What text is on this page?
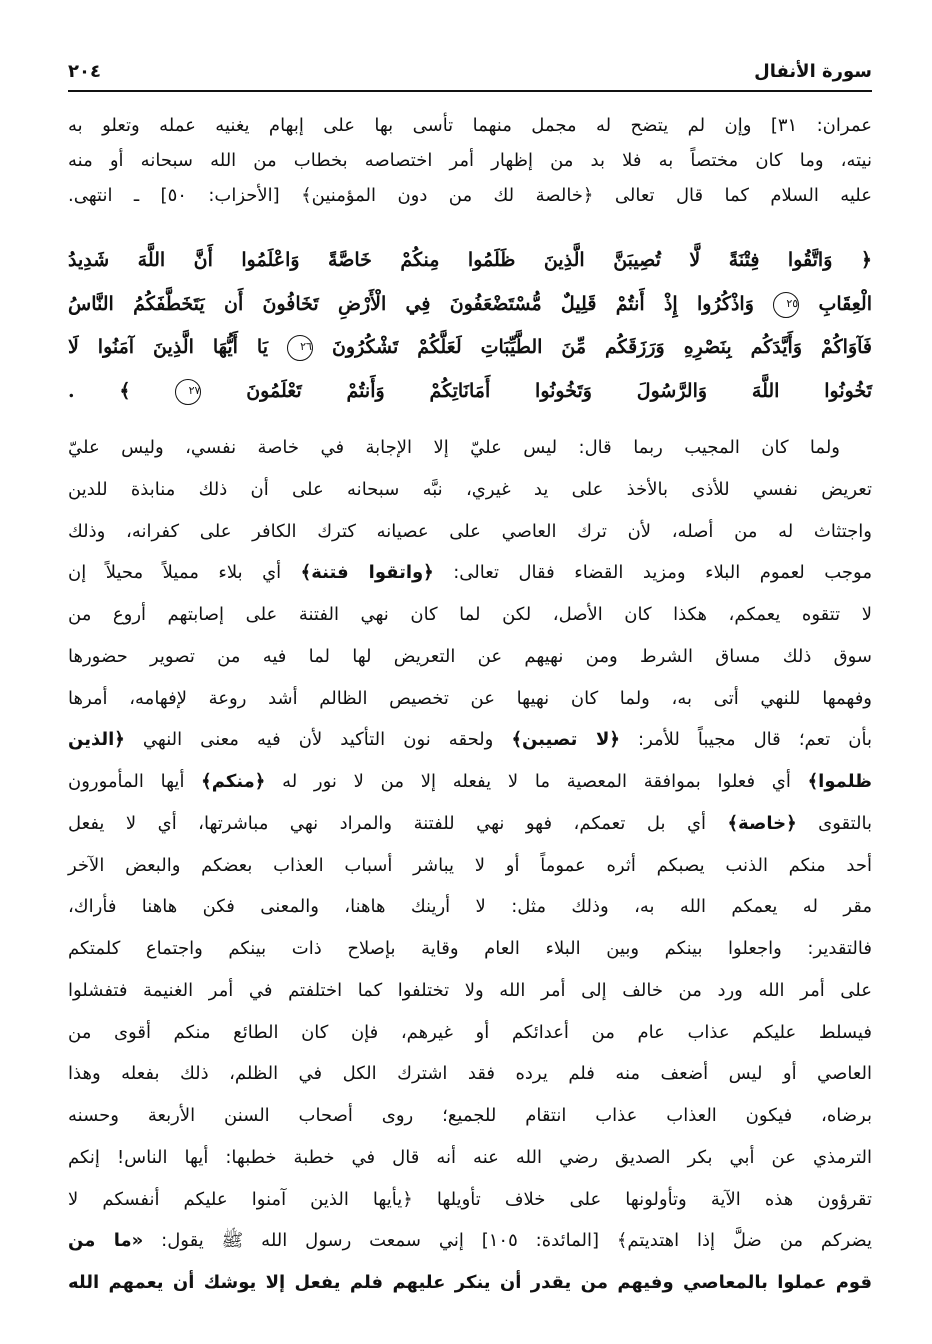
سورة الأنفال
٢٠٤
عمران: ٣١] وإن لم يتضح له مجمل منهما تأسى بها على إبهام يغنيه عمله وتعلو به
نيته، وما كان مختصاً به فلا بد من إظهار أمر اختصاصه بخطاب من الله سبحانه أو منه
عليه السلام كما قال تعالى ﴿خالصة لك من دون المؤمنين﴾ [الأحزاب: ٥٠] ـ انتهى.
﴿ وَاتَّقُوا فِتْنَةً لَّا تُصِيبَنَّ الَّذِينَ ظَلَمُوا مِنكُمْ خَاصَّةً وَاعْلَمُوا أَنَّ اللَّهَ شَدِيدُ
الْعِقَابِ ٢٥ وَاذْكُرُوا إِذْ أَنتُمْ قَلِيلٌ مُّسْتَضْعَفُونَ فِي الْأَرْضِ تَخَافُونَ أَن يَتَخَطَّفَكُمُ النَّاسُ
فَآوَاكُمْ وَأَيَّدَكُم بِنَصْرِهِ وَرَزَقَكُم مِّنَ الطَّيِّبَاتِ لَعَلَّكُمْ تَشْكُرُونَ ٢٦ يَا أَيُّهَا الَّذِينَ آمَنُوا لَا
تَخُونُوا اللَّهَ وَالرَّسُولَ وَتَخُونُوا أَمَانَاتِكُمْ وَأَنتُمْ تَعْلَمُونَ ٢٧ ﴾ .
ولما كان المجيب ربما قال: ليس عليّ إلا الإجابة في خاصة نفسي، وليس عليّ
تعريض نفسي للأذى بالأخذ على يد غيري، نبَّه سبحانه على أن ذلك منابذة للدين
واجتثاث له من أصله، لأن ترك العاصي على عصيانه كترك الكافر على كفرانه، وذلك
موجب لعموم البلاء ومزيد القضاء فقال تعالى: ﴿واتقوا فتنة﴾ أي بلاء مميلاً محيلاً إن
لا تتقوه يعمكم، هكذا كان الأصل، لكن لما كان نهي الفتنة على إصابتهم أروع من
سوق ذلك مساق الشرط ومن نهيهم عن التعريض لها لما فيه من تصوير حضورها
وفهمها للنهي أتى به، ولما كان نهيها عن تخصيص الظالم أشد روعة لإفهامه، أمرها
بأن تعم؛ قال مجيباً للأمر: ﴿لا تصيبن﴾ ولحقه نون التأكيد لأن فيه معنى النهي ﴿الذين
ظلموا﴾ أي فعلوا بموافقة المعصية ما لا يفعله إلا من لا نور له ﴿منكم﴾ أيها المأمورون
بالتقوى ﴿خاصة﴾ أي بل تعمكم، فهو نهي للفتنة والمراد نهي مباشرتها، أي لا يفعل
أحد منكم الذنب يصبكم أثره عموماً أو لا يباشر أسباب العذاب بعضكم والبعض الآخر
مقر له يعمكم الله به، وذلك مثل: لا أرينك هاهنا، والمعنى فكن هاهنا فأراك،
فالتقدير: واجعلوا بينكم وبين البلاء العام وقاية بإصلاح ذات بينكم واجتماع كلمتكم
على أمر الله ورد من خالف إلى أمر الله ولا تختلفوا كما اختلفتم في أمر الغنيمة فتفشلوا
فيسلط عليكم عذاب عام من أعدائكم أو غيرهم، فإن كان الطائع منكم أقوى من
العاصي أو ليس أضعف منه فلم يرده فقد اشترك الكل في الظلم، ذلك بفعله وهذا
برضاه، فيكون العذاب عذاب انتقام للجميع؛ روى أصحاب السنن الأربعة وحسنه
الترمذي عن أبي بكر الصديق رضي الله عنه أنه قال في خطبة خطبها: أيها الناس! إنكم
تقرؤون هذه الآية وتأولونها على خلاف تأويلها ﴿يأيها الذين آمنوا عليكم أنفسكم لا
يضركم من ضلَّ إذا اهتديتم﴾ [المائدة: ١٠٥] إني سمعت رسول الله ﷺ يقول: «ما من
قوم عملوا بالمعاصي وفيهم من يقدر أن ينكر عليهم فلم يفعل إلا يوشك أن يعمهم الله
